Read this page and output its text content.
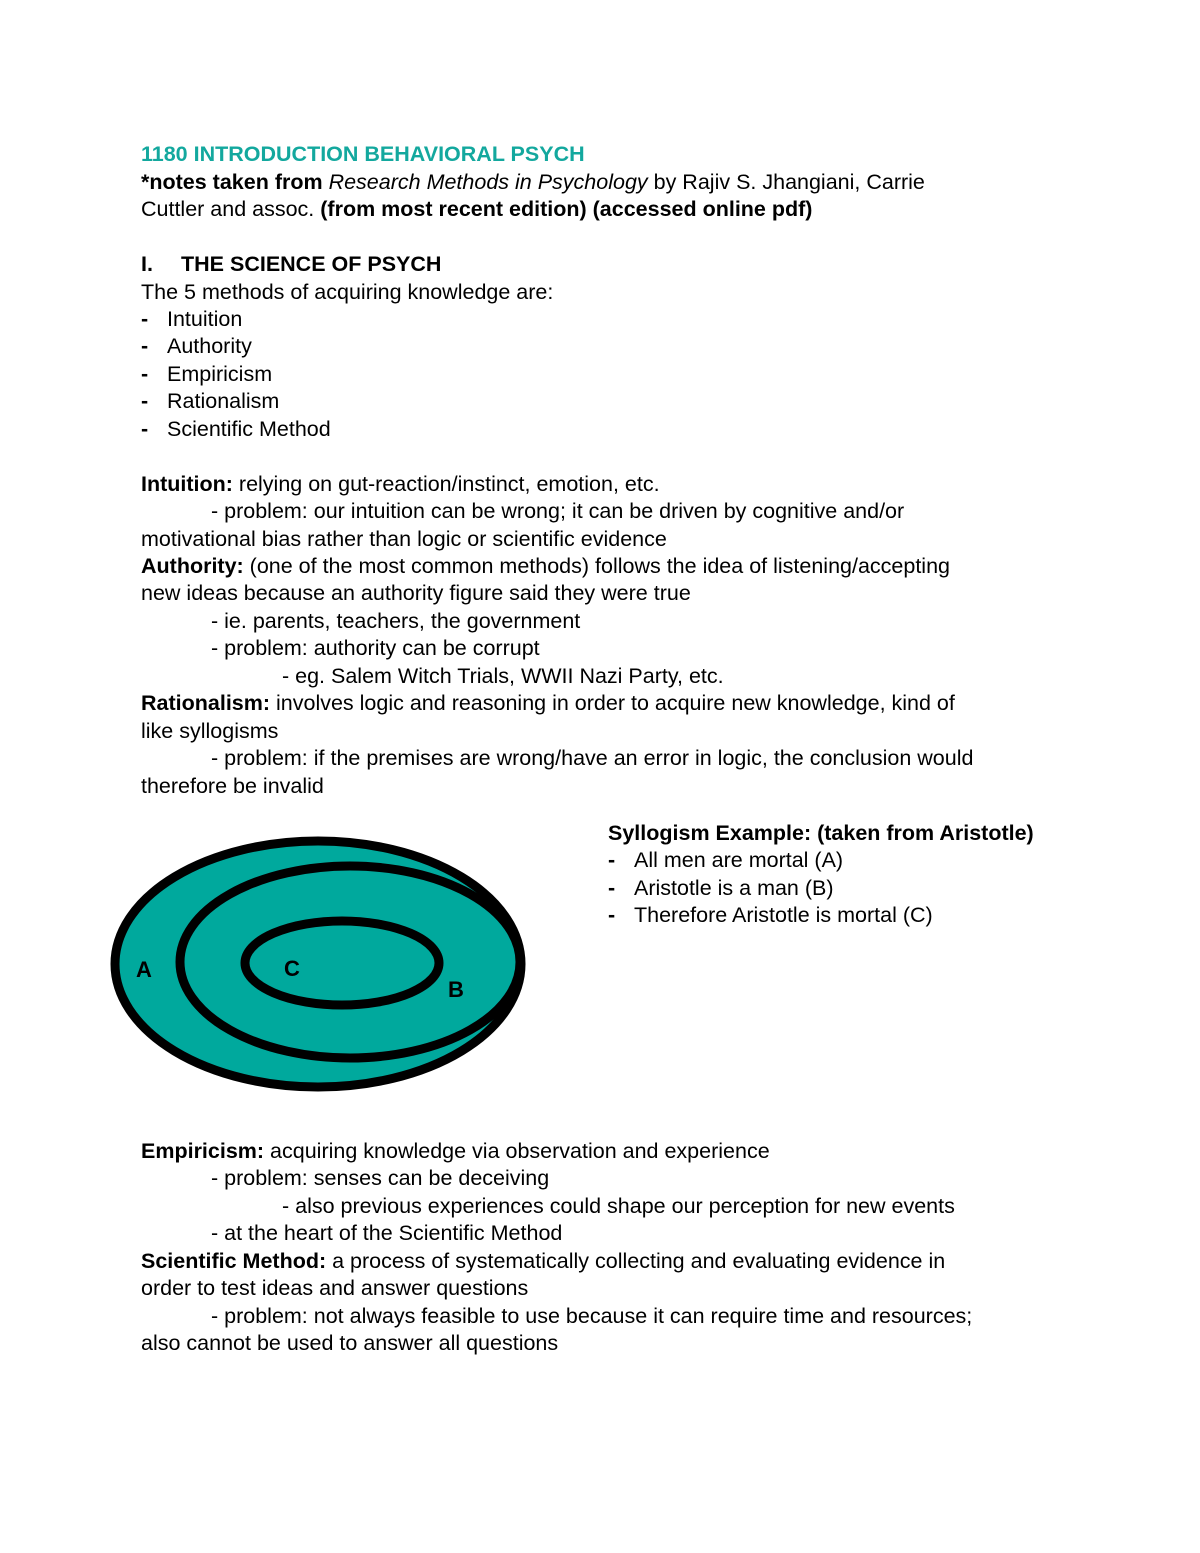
1180 INTRODUCTION BEHAVIORAL PSYCH
*notes taken from Research Methods in Psychology by Rajiv S. Jhangiani, Carrie
Cuttler and assoc. (from most recent edition) (accessed online pdf)
I. THE SCIENCE OF PSYCH
The 5 methods of acquiring knowledge are:
- Intuition
- Authority
- Empiricism
- Rationalism
- Scientific Method
Intuition: relying on gut-reaction/instinct, emotion, etc.
- problem: our intuition can be wrong; it can be driven by cognitive and/or
motivational bias rather than logic or scientific evidence
Authority: (one of the most common methods) follows the idea of listening/accepting
new ideas because an authority figure said they were true
- ie. parents, teachers, the government
- problem: authority can be corrupt
- eg. Salem Witch Trials, WWII Nazi Party, etc.
Rationalism: involves logic and reasoning in order to acquire new knowledge, kind of
like syllogisms
- problem: if the premises are wrong/have an error in logic, the conclusion would
therefore be invalid
Syllogism Example: (taken from Aristotle)
- All men are mortal (A)
- Aristotle is a man (B)
- Therefore Aristotle is mortal (C)
A
B
C
Empiricism: acquiring knowledge via observation and experience
- problem: senses can be deceiving
- also previous experiences could shape our perception for new events
- at the heart of the Scientific Method
Scientific Method: a process of systematically collecting and evaluating evidence in
order to test ideas and answer questions
- problem: not always feasible to use because it can require time and resources;
also cannot be used to answer all questions
